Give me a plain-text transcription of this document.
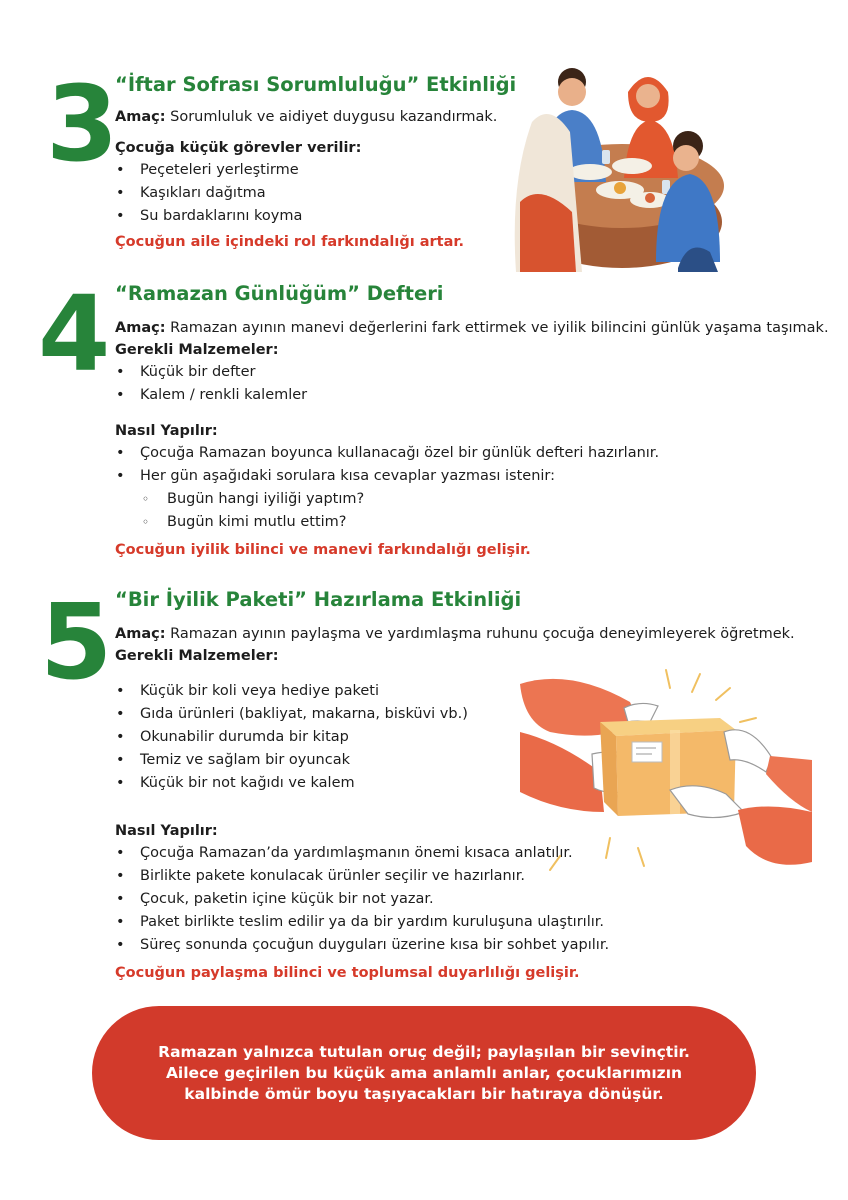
3
“İftar Sofrası Sorumluluğu” Etkinliği

Amaç: Sorumluluk ve aidiyet duygusu kazandırmak.

Çocuğa küçük görevler verilir:

• Peçeteleri yerleştirme
• Kaşıkları dağıtma
• Su bardaklarını koyma

Çocuğun aile içindeki rol farkındalığı artar.

4 “Ramazan Günlüğüm” Defteri

Amaç: Ramazan ayının manevi değerlerini fark ettirmek ve iyilik bilincini günlük yaşama taşımak.

Gerekli Malzemeler:

• Küçük bir defter
• Kalem / renkli kalemler

Nasıl Yapılır:

• Çocuğa Ramazan boyunca kullanacağı özel bir günlük defteri hazırlanır.
• Her gün aşağıdaki sorulara kısa cevaplar yazması istenir:
◦ Bugün hangi iyiliği yaptım?
◦ Bugün kimi mutlu ettim?

Çocuğun iyilik bilinci ve manevi farkındalığı gelişir.

5 “Bir İyilik Paketi” Hazırlama Etkinliği

Amaç: Ramazan ayının paylaşma ve yardımlaşma ruhunu çocuğa deneyimleyerek öğretmek.

Gerekli Malzemeler:

• Küçük bir koli veya hediye paketi
• Gıda ürünleri (bakliyat, makarna, bisküvi vb.)
• Okunabilir durumda bir kitap
• Temiz ve sağlam bir oyuncak
• Küçük bir not kağıdı ve kalem

Nasıl Yapılır:

• Çocuğa Ramazan’da yardımlaşmanın önemi kısaca anlatılır.
• Birlikte pakete konulacak ürünler seçilir ve hazırlanır.
• Çocuk, paketin içine küçük bir not yazar.
• Paket birlikte teslim edilir ya da bir yardım kuruluşuna ulaştırılır.
• Süreç sonunda çocuğun duyguları üzerine kısa bir sohbet yapılır.

Çocuğun paylaşma bilinci ve toplumsal duyarlılığı gelişir.

Ramazan yalnızca tutulan oruç değil; paylaşılan bir sevinçtir.
Ailece geçirilen bu küçük ama anlamlı anlar, çocuklarımızın
kalbinde ömür boyu taşıyacakları bir hatıraya dönüşür.
